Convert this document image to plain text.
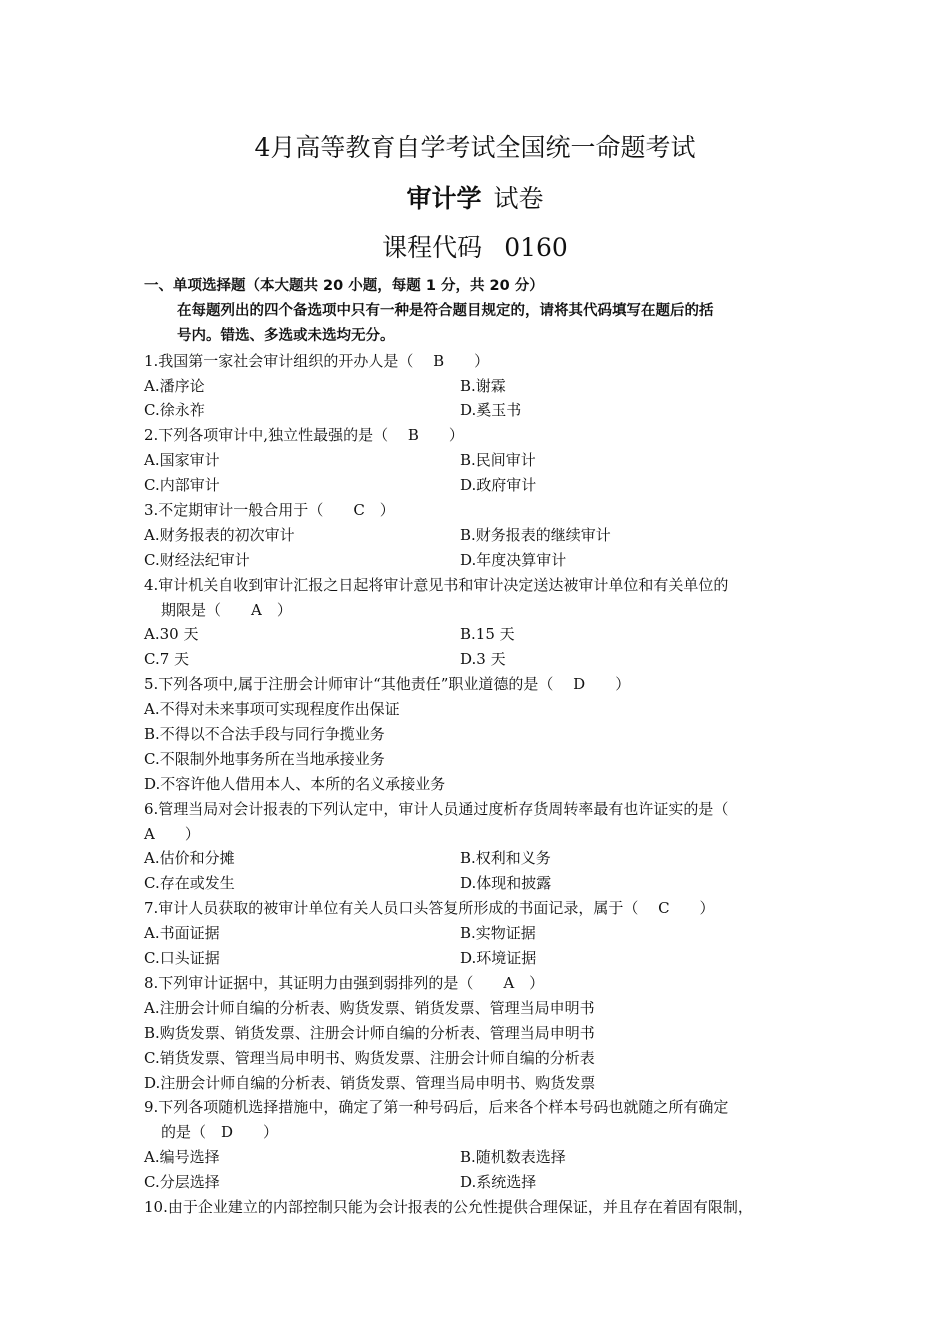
4月高等教育自学考试全国统一命题考试
审计学 试卷
课程代码 0160
一、单项选择题（本大题共 20 小题，每题 1 分，共 20 分）
在每题列出的四个备选项中只有一种是符合题目规定的，请将其代码填写在题后的括
号内。错选、多选或未选均无分。
1.我国第一家社会审计组织的开办人是（　 B　　）
A.潘序论	B.谢霖
C.徐永祚	D.奚玉书
2.下列各项审计中,独立性最强的是（　 B　　）
A.国家审计	B.民间审计
C.内部审计	D.政府审计
3.不定期审计一般合用于（　　C　）
A.财务报表的初次审计	B.财务报表的继续审计
C.财经法纪审计	D.年度决算审计
4.审计机关自收到审计汇报之日起将审计意见书和审计决定送达被审计单位和有关单位的
期限是（　　A　）
A.30 天	B.15 天
C.7 天	D.3 天
5.下列各项中,属于注册会计师审计“其他责任”职业道德的是（　 D　　）
A.不得对未来事项可实现程度作出保证
B.不得以不合法手段与同行争揽业务
C.不限制外地事务所在当地承接业务
D.不容许他人借用本人、本所的名义承接业务
6.管理当局对会计报表的下列认定中，审计人员通过度析存货周转率最有也许证实的是（
A　　）
A.估价和分摊	B.权利和义务
C.存在或发生	D.体现和披露
7.审计人员获取的被审计单位有关人员口头答复所形成的书面记录，属于（　 C　　）
A.书面证据	B.实物证据
C.口头证据	D.环境证据
8.下列审计证据中，其证明力由强到弱排列的是（　　A　）
A.注册会计师自编的分析表、购货发票、销货发票、管理当局申明书
B.购货发票、销货发票、注册会计师自编的分析表、管理当局申明书
C.销货发票、管理当局申明书、购货发票、注册会计师自编的分析表
D.注册会计师自编的分析表、销货发票、管理当局申明书、购货发票
9.下列各项随机选择措施中，确定了第一种号码后，后来各个样本号码也就随之所有确定
的是（　D　　）
A.编号选择	B.随机数表选择
C.分层选择	D.系统选择
10.由于企业建立的内部控制只能为会计报表的公允性提供合理保证，并且存在着固有限制，
